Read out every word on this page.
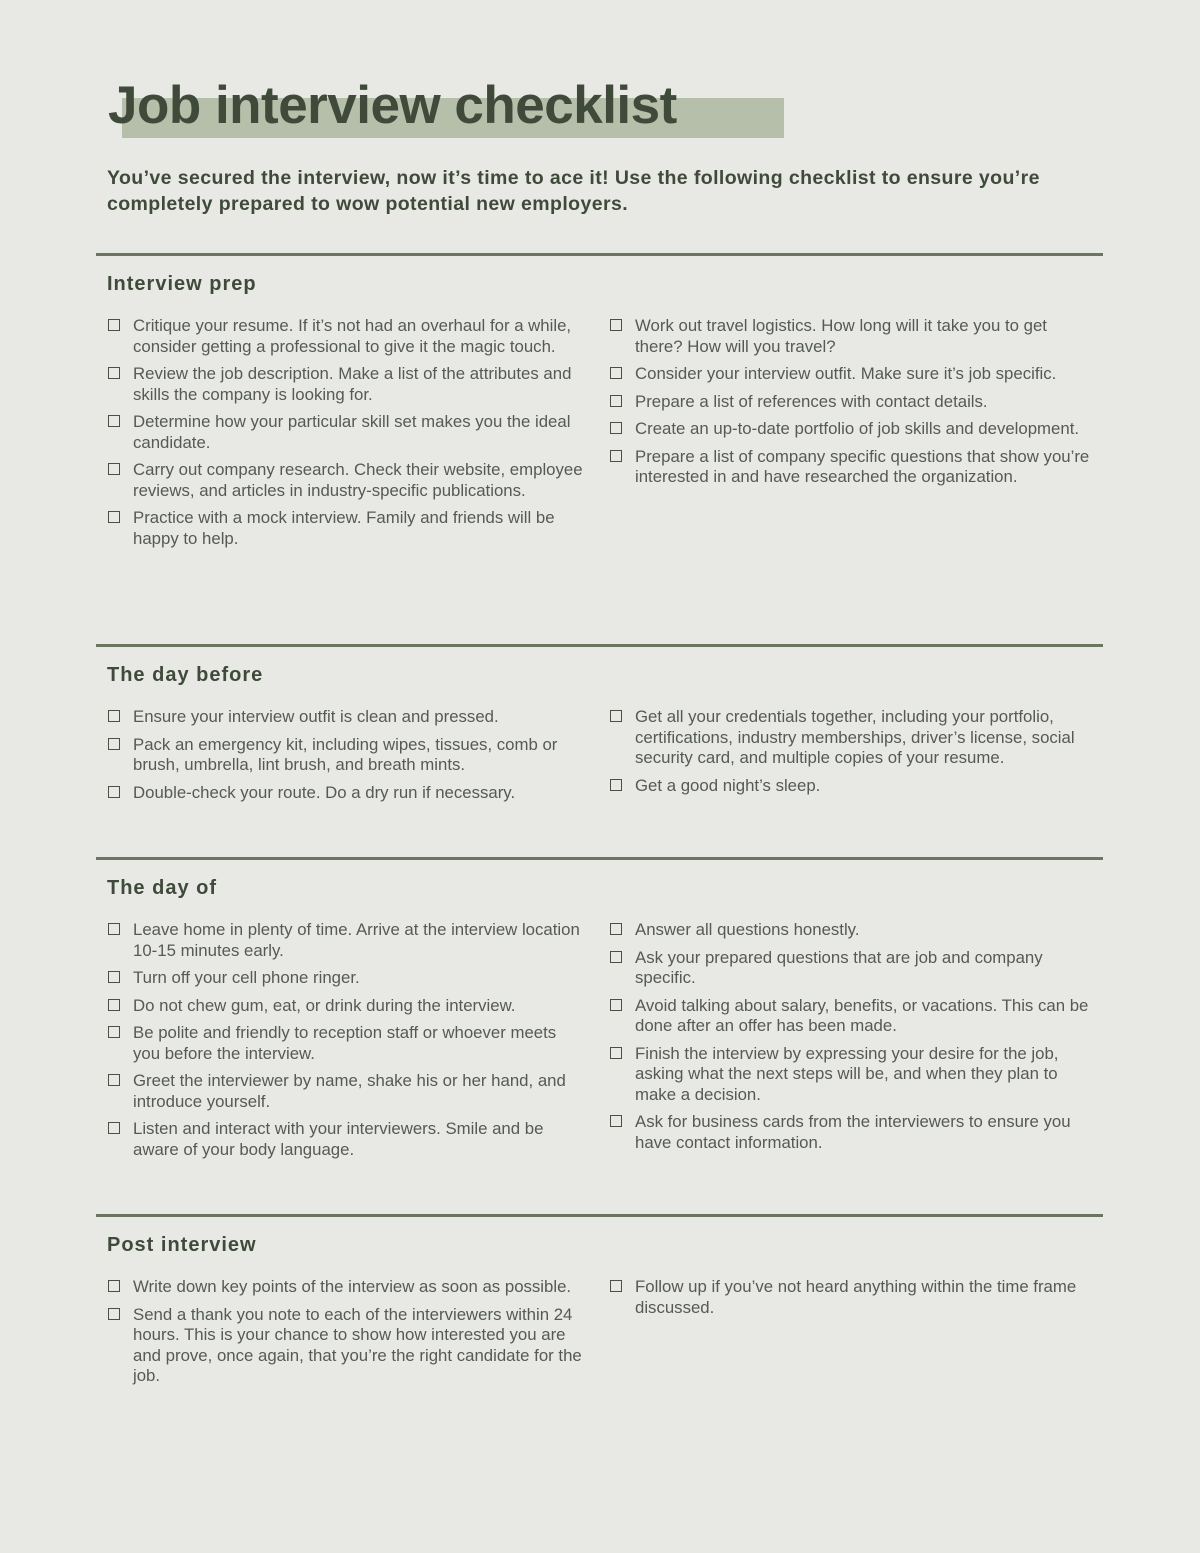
Job interview checklist

You’ve secured the interview, now it’s time to ace it! Use the following checklist to ensure you’re completely prepared to wow potential new employers.

Interview prep
Critique your resume. If it’s not had an overhaul for a while, consider getting a professional to give it the magic touch.
Review the job description. Make a list of the attributes and skills the company is looking for.
Determine how your particular skill set makes you the ideal candidate.
Carry out company research. Check their website, employee reviews, and articles in industry-specific publications.
Practice with a mock interview. Family and friends will be happy to help.
Work out travel logistics. How long will it take you to get there? How will you travel?
Consider your interview outfit. Make sure it’s job specific.
Prepare a list of references with contact details.
Create an up-to-date portfolio of job skills and development.
Prepare a list of company specific questions that show you’re interested in and have researched the organization.
The day before
Ensure your interview outfit is clean and pressed.
Pack an emergency kit, including wipes, tissues, comb or brush, umbrella, lint brush, and breath mints.
Double-check your route. Do a dry run if necessary.
Get all your credentials together, including your portfolio, certifications, industry memberships, driver’s license, social security card, and multiple copies of your resume.
Get a good night’s sleep.
The day of
Leave home in plenty of time. Arrive at the interview location 10-15 minutes early.
Turn off your cell phone ringer.
Do not chew gum, eat, or drink during the interview.
Be polite and friendly to reception staff or whoever meets you before the interview.
Greet the interviewer by name, shake his or her hand, and introduce yourself.
Listen and interact with your interviewers. Smile and be aware of your body language.
Answer all questions honestly.
Ask your prepared questions that are job and company specific.
Avoid talking about salary, benefits, or vacations. This can be done after an offer has been made.
Finish the interview by expressing your desire for the job, asking what the next steps will be, and when they plan to make a decision.
Ask for business cards from the interviewers to ensure you have contact information.
Post interview
Write down key points of the interview as soon as possible.
Send a thank you note to each of the interviewers within 24 hours. This is your chance to show how interested you are and prove, once again, that you’re the right candidate for the job.
Follow up if you’ve not heard anything within the time frame discussed.
